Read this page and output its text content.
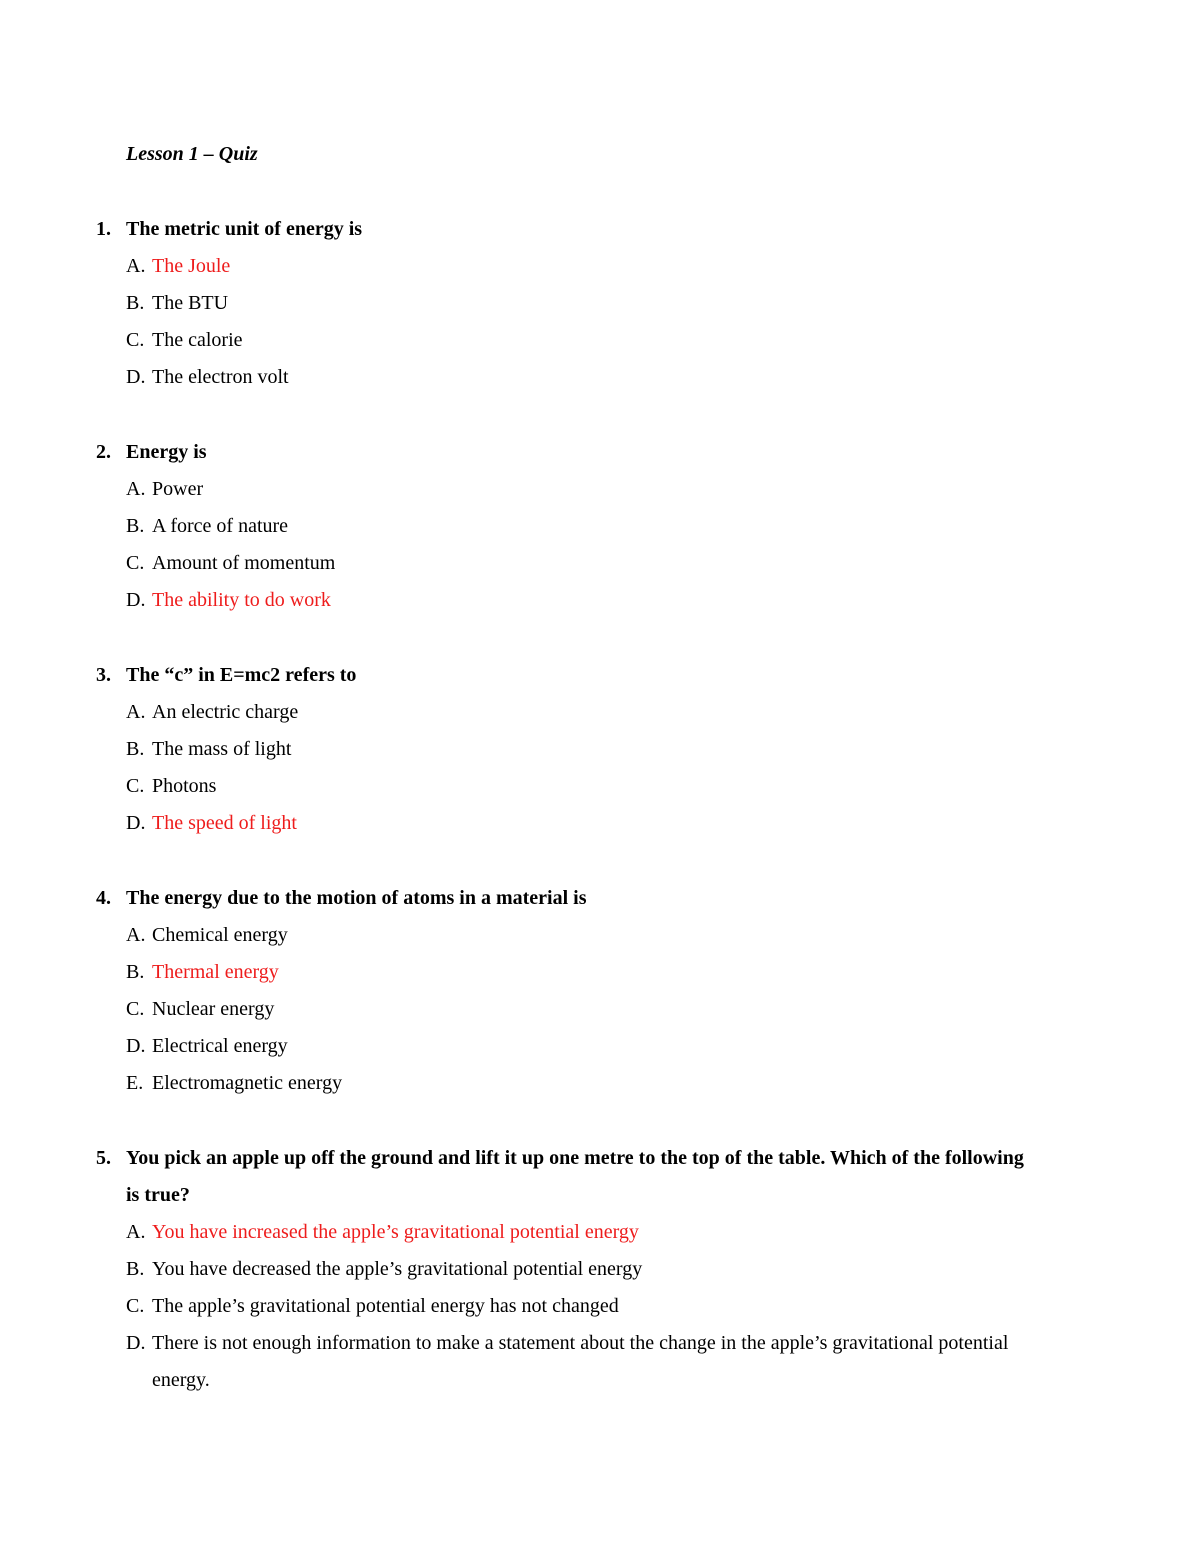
Lesson 1 – Quiz
1. The metric unit of energy is
A. The Joule
B. The BTU
C. The calorie
D. The electron volt
2. Energy is
A. Power
B. A force of nature
C. Amount of momentum
D. The ability to do work
3. The “c” in E=mc2 refers to
A. An electric charge
B. The mass of light
C. Photons
D. The speed of light
4. The energy due to the motion of atoms in a material is
A. Chemical energy
B. Thermal energy
C. Nuclear energy
D. Electrical energy
E. Electromagnetic energy
5. You pick an apple up off the ground and lift it up one metre to the top of the table. Which of the following is true?
A. You have increased the apple’s gravitational potential energy
B. You have decreased the apple’s gravitational potential energy
C. The apple’s gravitational potential energy has not changed
D. There is not enough information to make a statement about the change in the apple’s gravitational potential energy.
